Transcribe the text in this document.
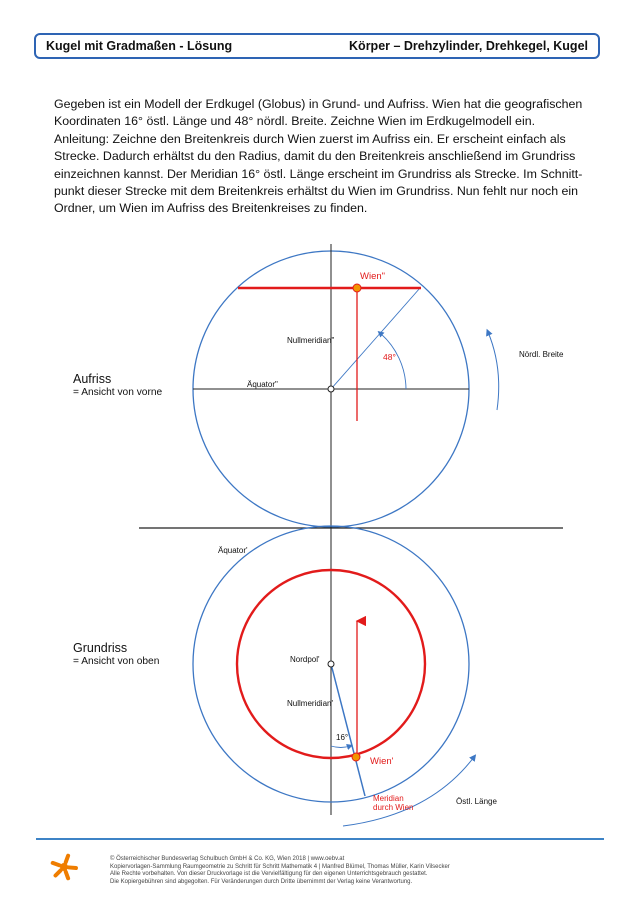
Kugel mit Gradmaßen - Lösung	Körper – Drehzylinder, Drehkegel, Kugel

Gegeben ist ein Modell der Erdkugel (Globus) in Grund- und Aufriss. Wien hat die geografischen

Koordinaten 16° östl. Länge und 48° nördl. Breite. Zeichne Wien im Erdkugelmodell ein.

Anleitung: Zeichne den Breitenkreis durch Wien zuerst im Aufriss ein. Er erscheint einfach als

Strecke. Dadurch erhältst du den Radius, damit du den Breitenkreis anschließend im Grundriss

einzeichnen kannst. Der Meridian 16° östl. Länge erscheint im Grundriss als Strecke. Im Schnitt-

punkt dieser Strecke mit dem Breitenkreis erhältst du Wien im Grundriss. Nun fehlt nur noch ein

Ordner, um Wien im Aufriss des Breitenkreises zu finden.

Aufriss
= Ansicht von vorne
Wien"
Nullmeridian"
Äquator"
48°	Nördl. Breite
Äquator'
Grundriss
= Ansicht von oben	Nordpol'
Nullmeridian'
16°
Wien'
Meridian
durch Wien
Östl. Länge
© Österreichischer Bundesverlag Schulbuch GmbH & Co. KG, Wien 2018 | www.oebv.at
Kopiervorlagen-Sammlung Raumgeometrie zu Schritt für Schritt Mathematik 4 | Manfred Blümel, Thomas Müller, Karin Vilsecker
Alle Rechte vorbehalten. Von dieser Druckvorlage ist die Vervielfältigung für den eigenen Unterrichtsgebrauch gestattet.
Die Kopiergebühren sind abgegolten. Für Veränderungen durch Dritte übernimmt der Verlag keine Verantwortung.
